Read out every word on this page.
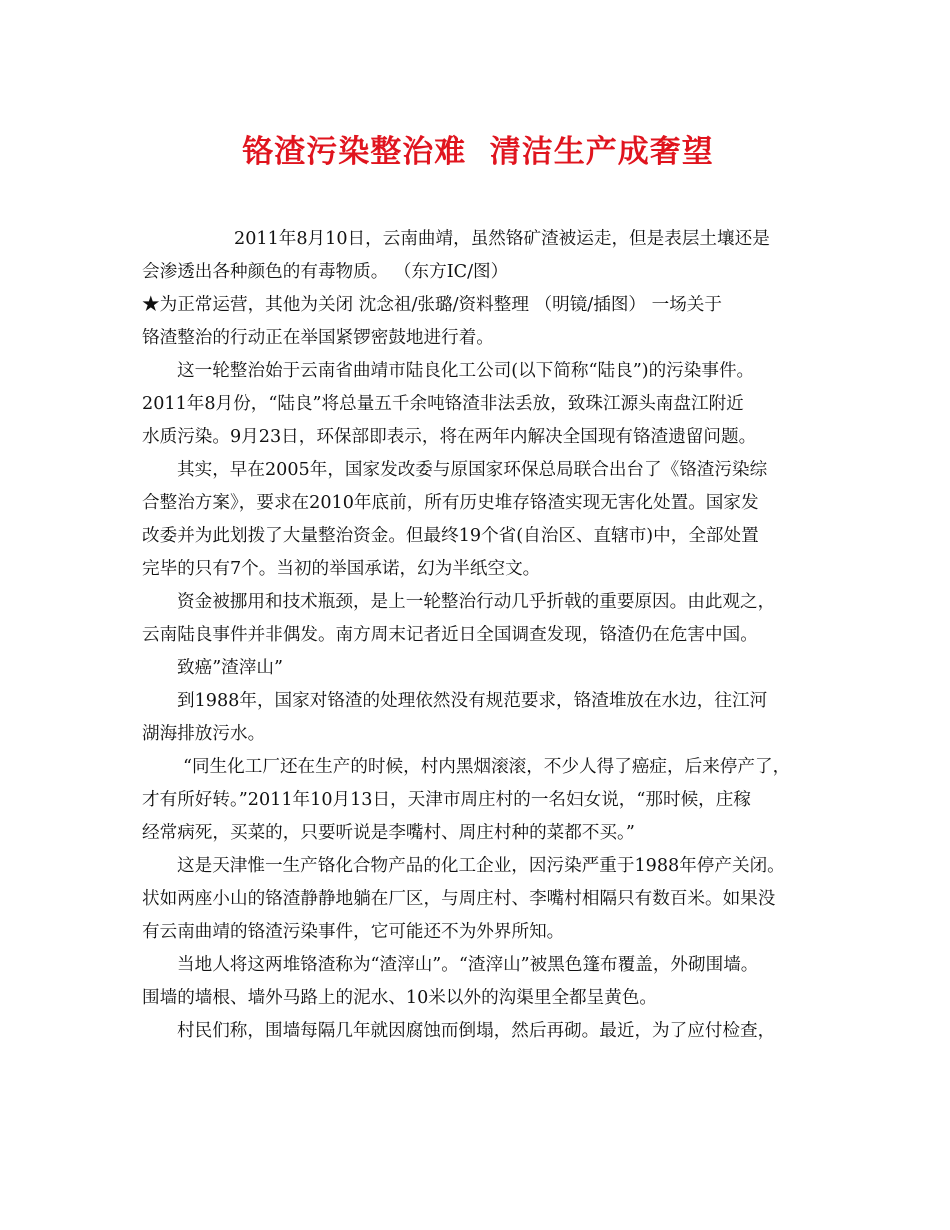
铬渣污染整治难  清洁生产成奢望
2011年8月10日，云南曲靖，虽然铬矿渣被运走，但是表层土壤还是
会渗透出各种颜色的有毒物质。 （东方IC/图）
★为正常运营，其他为关闭 沈念祖/张璐/资料整理 （明镜/插图） 一场关于
铬渣整治的行动正在举国紧锣密鼓地进行着。
这一轮整治始于云南省曲靖市陆良化工公司(以下简称“陆良”)的污染事件。
2011年8月份，“陆良”将总量五千余吨铬渣非法丢放，致珠江源头南盘江附近
水质污染。9月23日，环保部即表示，将在两年内解决全国现有铬渣遗留问题。
其实，早在2005年，国家发改委与原国家环保总局联合出台了《铬渣污染综
合整治方案》，要求在2010年底前，所有历史堆存铬渣实现无害化处置。国家发
改委并为此划拨了大量整治资金。但最终19个省(自治区、直辖市)中，全部处置
完毕的只有7个。当初的举国承诺，幻为半纸空文。
资金被挪用和技术瓶颈，是上一轮整治行动几乎折戟的重要原因。由此观之，
云南陆良事件并非偶发。南方周末记者近日全国调查发现，铬渣仍在危害中国。
致癌”渣滓山”
到1988年，国家对铬渣的处理依然没有规范要求，铬渣堆放在水边，往江河
湖海排放污水。
“同生化工厂还在生产的时候，村内黑烟滚滚，不少人得了癌症，后来停产了，
才有所好转。”2011年10月13日，天津市周庄村的一名妇女说，“那时候，庄稼
经常病死，买菜的，只要听说是李嘴村、周庄村种的菜都不买。”
这是天津惟一生产铬化合物产品的化工企业，因污染严重于1988年停产关闭。
状如两座小山的铬渣静静地躺在厂区，与周庄村、李嘴村相隔只有数百米。如果没
有云南曲靖的铬渣污染事件，它可能还不为外界所知。
当地人将这两堆铬渣称为“渣滓山”。“渣滓山”被黑色篷布覆盖，外砌围墙。
围墙的墙根、墙外马路上的泥水、10米以外的沟渠里全都呈黄色。
村民们称，围墙每隔几年就因腐蚀而倒塌，然后再砌。最近，为了应付检查，
